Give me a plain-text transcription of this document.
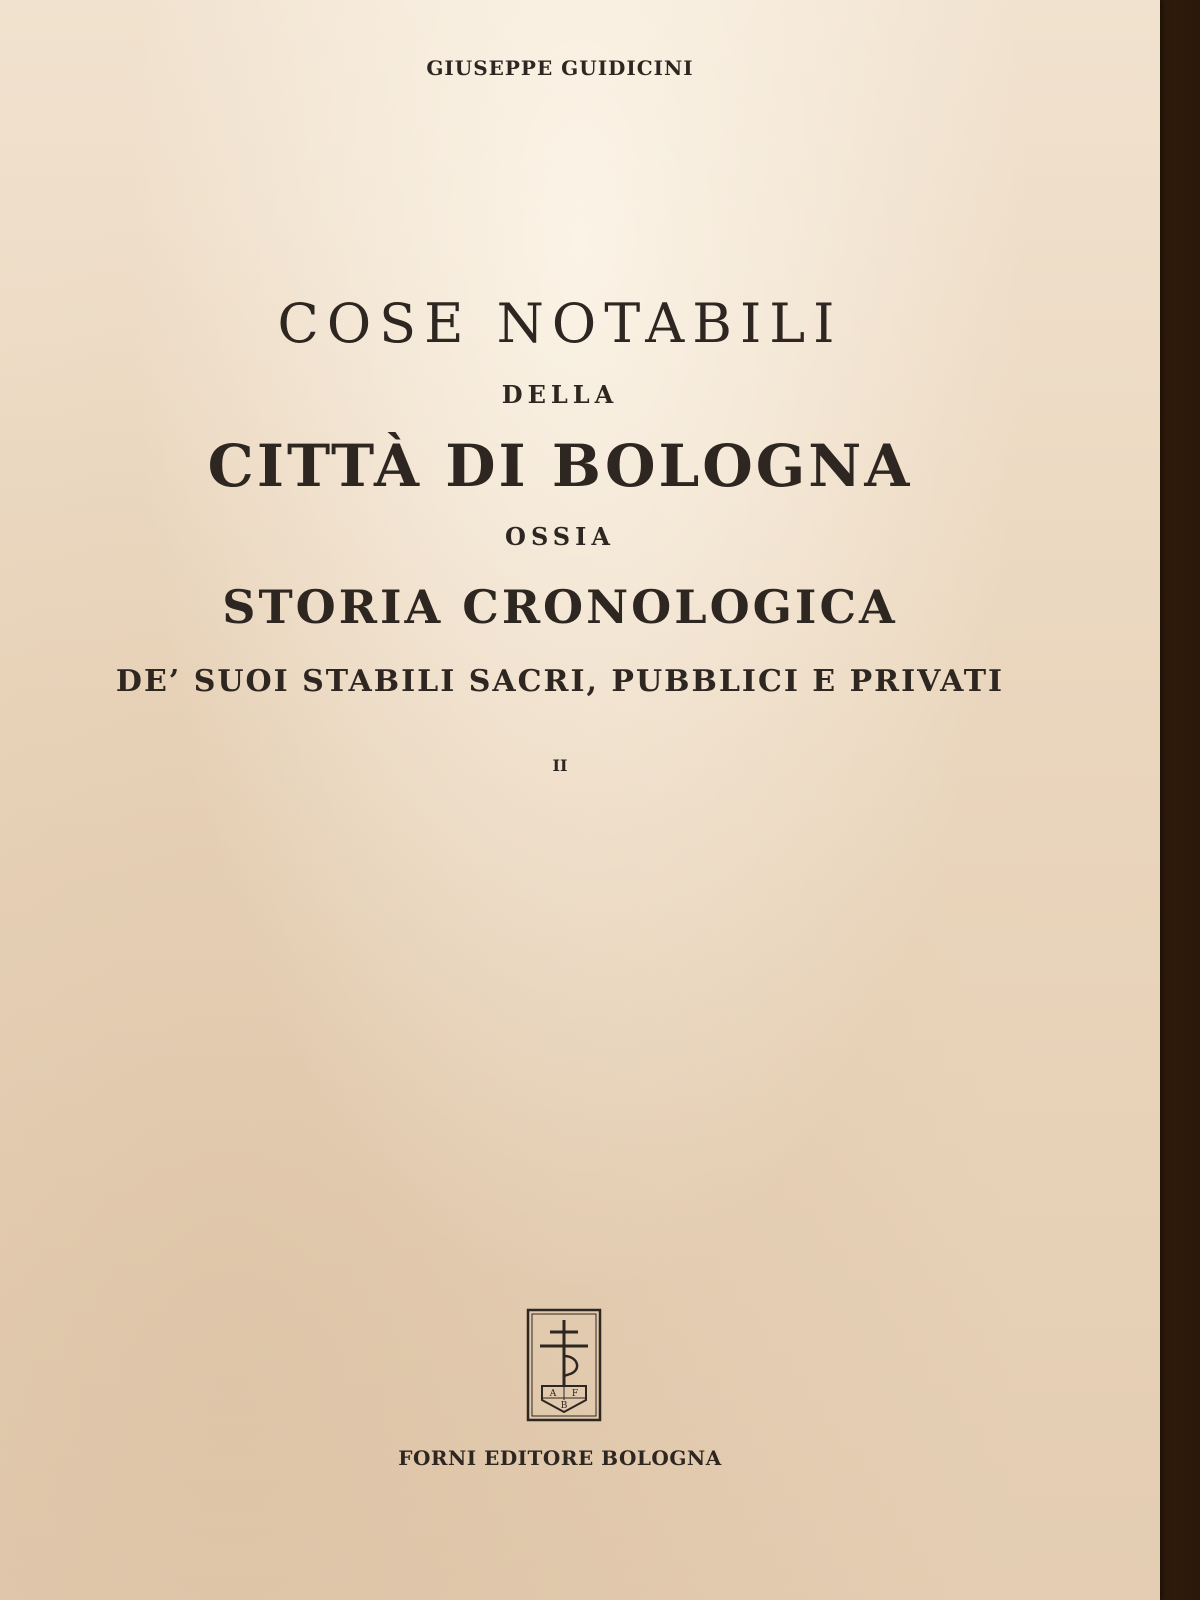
GIUSEPPE GUIDICINI
COSE NOTABILI
DELLA
CITTÀ DI BOLOGNA
OSSIA
STORIA CRONOLOGICA
DE’ SUOI STABILI SACRI, PUBBLICI E PRIVATI
II
A F
B
FORNI EDITORE BOLOGNA
